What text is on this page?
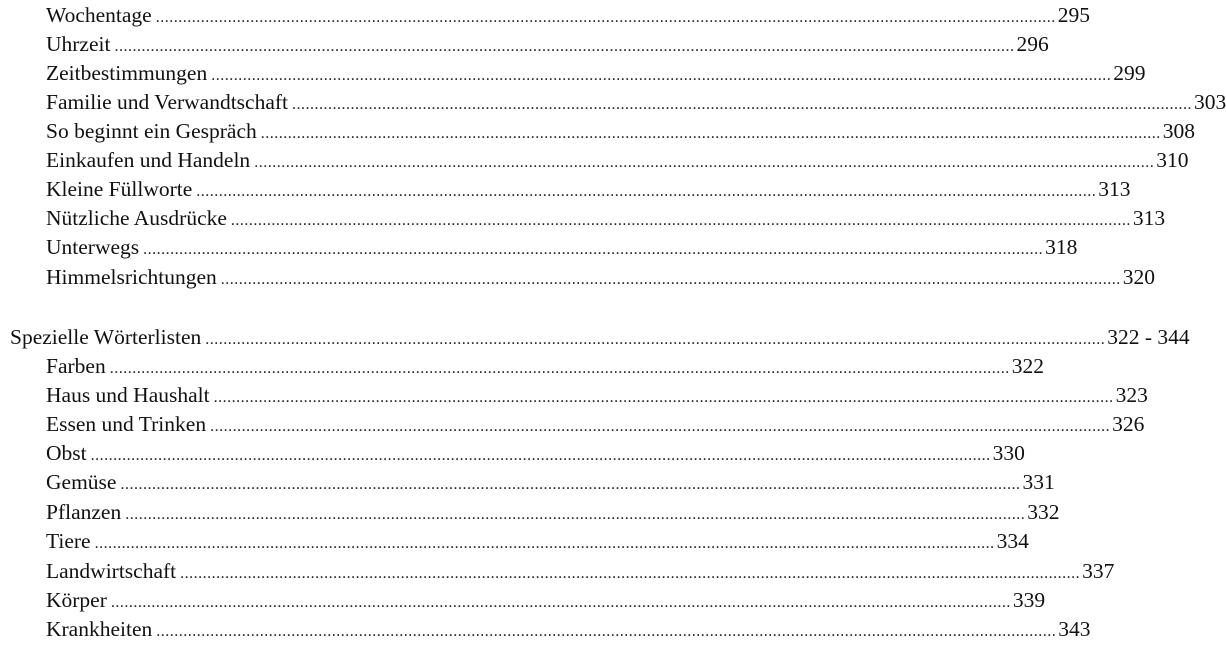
Wochentage ........................................................................................................................................................................................................ 295
Uhrzeit ........................................................................................................................................................................................................ 296
Zeitbestimmungen ........................................................................................................................................................................................................ 299
Familie und Verwandtschaft ........................................................................................................................................................................................................ 303
So beginnt ein Gespräch ........................................................................................................................................................................................................ 308
Einkaufen und Handeln ........................................................................................................................................................................................................ 310
Kleine Füllworte ........................................................................................................................................................................................................ 313
Nützliche Ausdrücke ........................................................................................................................................................................................................ 313
Unterwegs ........................................................................................................................................................................................................ 318
Himmelsrichtungen ........................................................................................................................................................................................................ 320
Spezielle Wörterlisten ........................................................................................................................................................................................................ 322 - 344
Farben ........................................................................................................................................................................................................ 322
Haus und Haushalt ........................................................................................................................................................................................................ 323
Essen und Trinken ........................................................................................................................................................................................................ 326
Obst ........................................................................................................................................................................................................ 330
Gemüse ........................................................................................................................................................................................................ 331
Pflanzen ........................................................................................................................................................................................................ 332
Tiere ........................................................................................................................................................................................................ 334
Landwirtschaft ........................................................................................................................................................................................................ 337
Körper ........................................................................................................................................................................................................ 339
Krankheiten ........................................................................................................................................................................................................ 343
